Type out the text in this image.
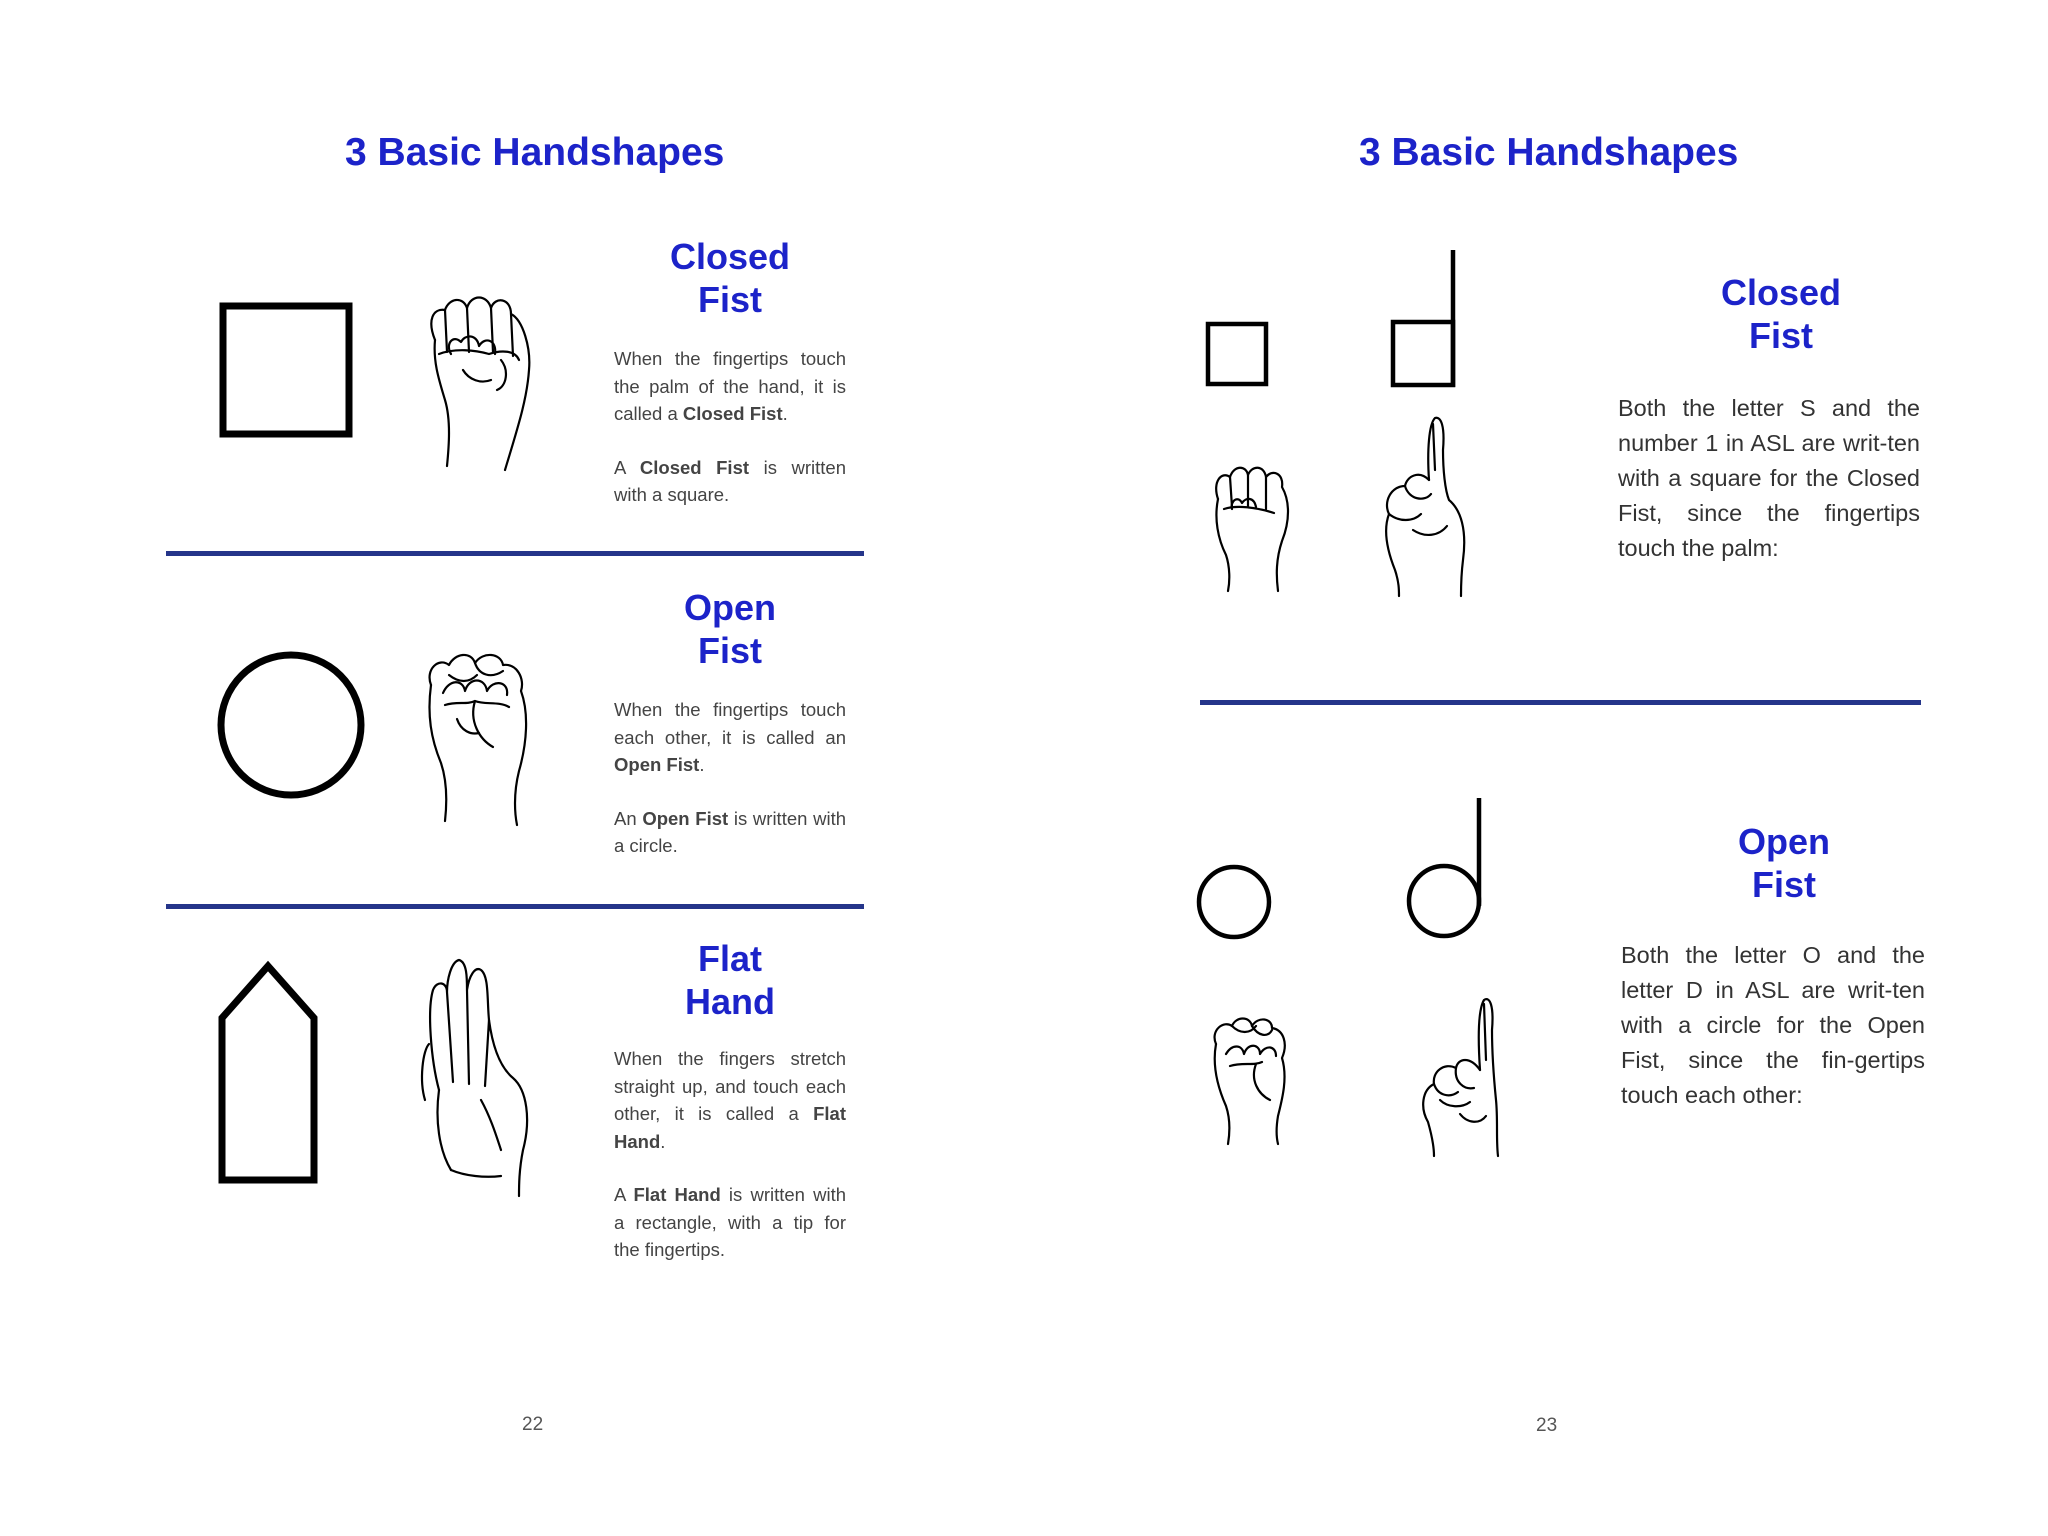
3 Basic Handshapes
Closed
Fist

When the fingertips touch the palm of the hand, it is called a Closed Fist.

A Closed Fist is written with a square.

Open
Fist

When the fingertips touch each other, it is called an Open Fist.

An Open Fist is written with a circle.

Flat
Hand

When the fingers stretch straight up, and touch each other, it is called a Flat Hand.

A Flat Hand is written with a rectangle, with a tip for the fingertips.

22
3 Basic Handshapes
Closed
Fist

Both the letter S and the number 1 in ASL are writ-ten with a square for the Closed Fist, since the fingertips touch the palm:

Open
Fist

Both the letter O and the letter D in ASL are writ-ten with a circle for the Open Fist, since the fin-gertips touch each other:

23
